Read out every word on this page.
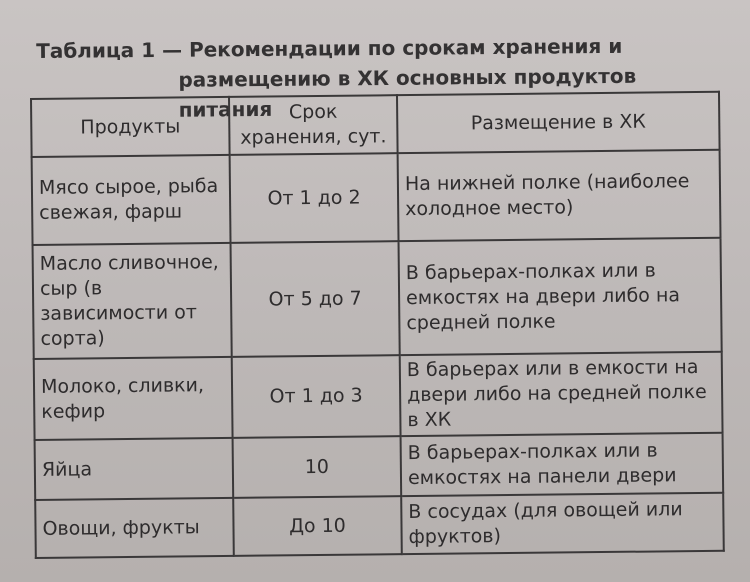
Таблица 1 — Рекомендации по срокам хранения и
размещению в ХК основных продуктов питания
Продукты	Срок хранения, сут.	Размещение в ХК
Мясо сырое, рыба свежая, фарш	От 1 до 2	На нижней полке (наиболее холодное место)
Масло сливочное, сыр (в зависимости от сорта)	От 5 до 7	В барьерах-полках или в емкостях на двери либо на средней полке
Молоко, сливки, кефир	От 1 до 3	В барьерах или в емкости на двери либо на средней полке в ХК
Яйца	10	В барьерах-полках или в емкостях на панели двери
Овощи, фрукты	До 10	В сосудах (для овощей или фруктов)
